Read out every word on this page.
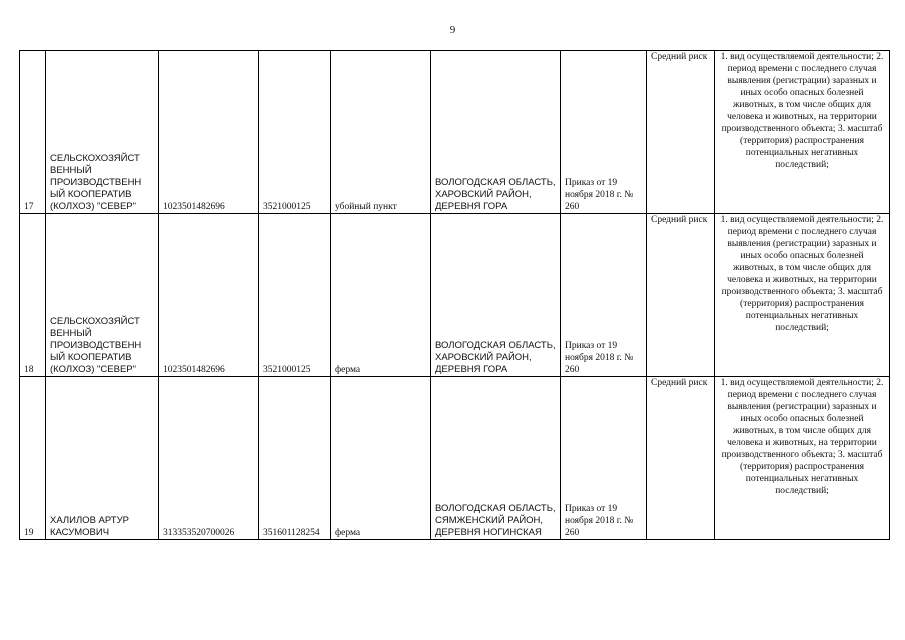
9
17	СЕЛЬСКОХОЗЯЙСТ ВЕННЫЙ ПРОИЗВОДСТВЕНН ЫЙ КООПЕРАТИВ (КОЛХОЗ) "СЕВЕР"	1023501482696	3521000125	убойный пункт	ВОЛОГОДСКАЯ ОБЛАСТЬ, ХАРОВСКИЙ РАЙОН, ДЕРЕВНЯ ГОРА	Приказ от 19 ноября 2018 г. № 260	Средний риск	1. вид осуществляемой деятельности; 2. период времени с последнего случая выявления (регистрации) заразных и иных особо опасных болезней животных, в том числе общих для человека и животных, на территории производственного объекта; 3. масштаб (территория) распространения потенциальных негативных последствий;
18	СЕЛЬСКОХОЗЯЙСТ ВЕННЫЙ ПРОИЗВОДСТВЕНН ЫЙ КООПЕРАТИВ (КОЛХОЗ) "СЕВЕР"	1023501482696	3521000125	ферма	ВОЛОГОДСКАЯ ОБЛАСТЬ, ХАРОВСКИЙ РАЙОН, ДЕРЕВНЯ ГОРА	Приказ от 19 ноября 2018 г. № 260	Средний риск	1. вид осуществляемой деятельности; 2. период времени с последнего случая выявления (регистрации) заразных и иных особо опасных болезней животных, в том числе общих для человека и животных, на территории производственного объекта; 3. масштаб (территория) распространения потенциальных негативных последствий;
19	ХАЛИЛОВ АРТУР КАСУМОВИЧ	313353520700026	351601128254	ферма	ВОЛОГОДСКАЯ ОБЛАСТЬ, СЯМЖЕНСКИЙ РАЙОН, ДЕРЕВНЯ НОГИНСКАЯ	Приказ от 19 ноября 2018 г. № 260	Средний риск	1. вид осуществляемой деятельности; 2. период времени с последнего случая выявления (регистрации) заразных и иных особо опасных болезней животных, в том числе общих для человека и животных, на территории производственного объекта; 3. масштаб (территория) распространения потенциальных негативных последствий;
